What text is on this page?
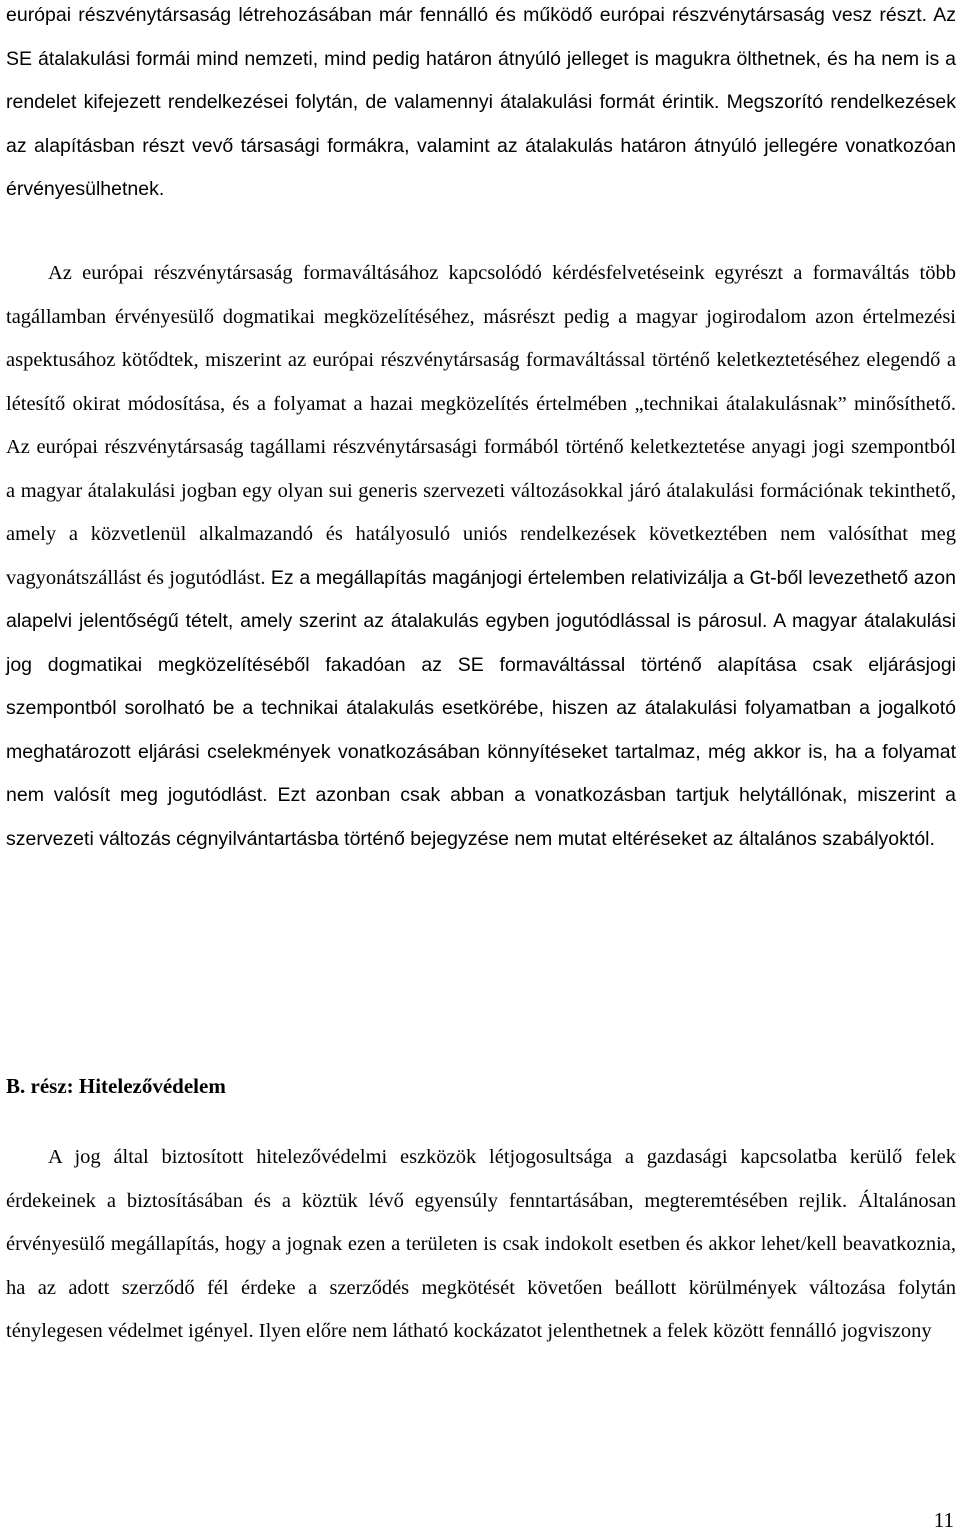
európai részvénytársaság létrehozásában már fennálló és működő európai részvénytársaság vesz részt. Az SE átalakulási formái mind nemzeti, mind pedig határon átnyúló jelleget is magukra ölthetnek, és ha nem is a rendelet kifejezett rendelkezései folytán, de valamennyi átalakulási formát érintik. Megszorító rendelkezések az alapításban részt vevő társasági formákra, valamint az átalakulás határon átnyúló jellegére vonatkozóan érvényesülhetnek.

Az európai részvénytársaság formaváltásához kapcsolódó kérdésfelvetéseink egyrészt a formaváltás több tagállamban érvényesülő dogmatikai megközelítéséhez, másrészt pedig a magyar jogirodalom azon értelmezési aspektusához kötődtek, miszerint az európai részvénytársaság formaváltással történő keletkeztetéséhez elegendő a létesítő okirat módosítása, és a folyamat a hazai megközelítés értelmében „technikai átalakulásnak” minősíthető. Az európai részvénytársaság tagállami részvénytársasági formából történő keletkeztetése anyagi jogi szempontból a magyar átalakulási jogban egy olyan sui generis szervezeti változásokkal járó átalakulási formációnak tekinthető, amely a közvetlenül alkalmazandó és hatályosuló uniós rendelkezések következtében nem valósíthat meg vagyonátszállást és jogutódlást. Ez a megállapítás magánjogi értelemben relativizálja a Gt-ből levezethető azon alapelvi jelentőségű tételt, amely szerint az átalakulás egyben jogutódlással is párosul. A magyar átalakulási jog dogmatikai megközelítéséből fakadóan az SE formaváltással történő alapítása csak eljárásjogi szempontból sorolható be a technikai átalakulás esetkörébe, hiszen az átalakulási folyamatban a jogalkotó meghatározott eljárási cselekmények vonatkozásában könnyítéseket tartalmaz, még akkor is, ha a folyamat nem valósít meg jogutódlást. Ezt azonban csak abban a vonatkozásban tartjuk helytállónak, miszerint a szervezeti változás cégnyilvántartásba történő bejegyzése nem mutat eltéréseket az általános szabályoktól.

B. rész: Hitelezővédelem

A jog által biztosított hitelezővédelmi eszközök létjogosultsága a gazdasági kapcsolatba kerülő felek érdekeinek a biztosításában és a köztük lévő egyensúly fenntartásában, megteremtésében rejlik. Általánosan érvényesülő megállapítás, hogy a jognak ezen a területen is csak indokolt esetben és akkor lehet/kell beavatkoznia, ha az adott szerződő fél érdeke a szerződés megkötését követően beállott körülmények változása folytán ténylegesen védelmet igényel. Ilyen előre nem látható kockázatot jelenthetnek a felek között fennálló jogviszony

11
